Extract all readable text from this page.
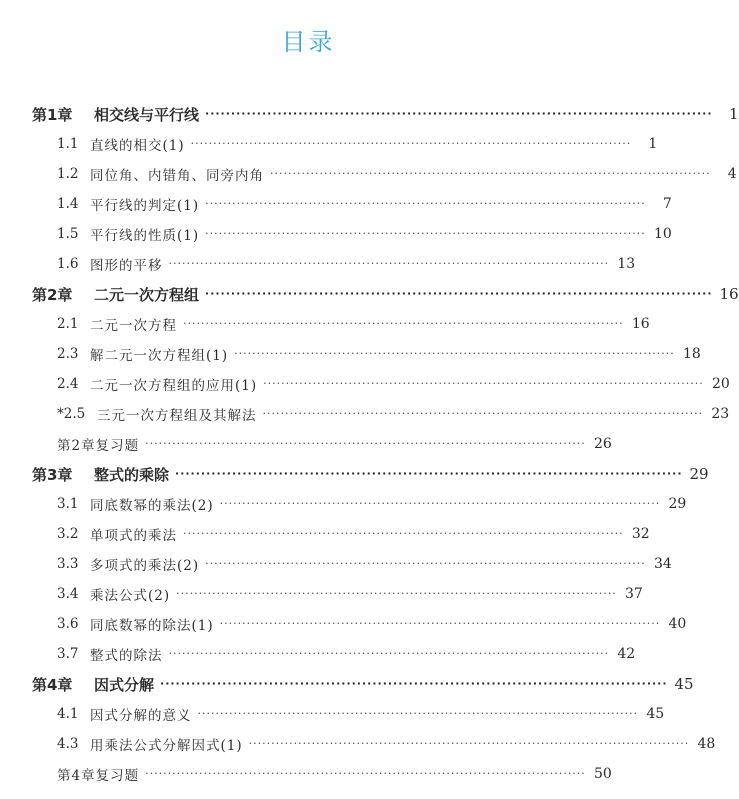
目录
第1章	相交线与平行线 ··································································································	1
1.1 直线的相交(1) ··································································································	1
1.2 同位角、内错角、同旁内角 ··································································································	4
1.4 平行线的判定(1) ··································································································	7
1.5 平行线的性质(1) ·································································································· 10
1.6 图形的平移 ·································································································· 13
第2章	二元一次方程组 ·································································································· 16
2.1 二元一次方程 ·································································································· 16
2.3 解二元一次方程组(1) ·································································································· 18
2.4 二元一次方程组的应用(1) ·································································································· 20
*2.5 三元一次方程组及其解法 ·································································································· 23
第2章复习题 ·································································································· 26
第3章	整式的乘除 ·································································································· 29
3.1 同底数幂的乘法(2) ·································································································· 29
3.2 单项式的乘法 ·································································································· 32
3.3 多项式的乘法(2) ·································································································· 34
3.4 乘法公式(2) ·································································································· 37
3.6 同底数幂的除法(1) ·································································································· 40
3.7 整式的除法 ·································································································· 42
第4章	因式分解 ·································································································· 45
4.1 因式分解的意义 ·································································································· 45
4.3 用乘法公式分解因式(1) ·································································································· 48
第4章复习题 ·································································································· 50
